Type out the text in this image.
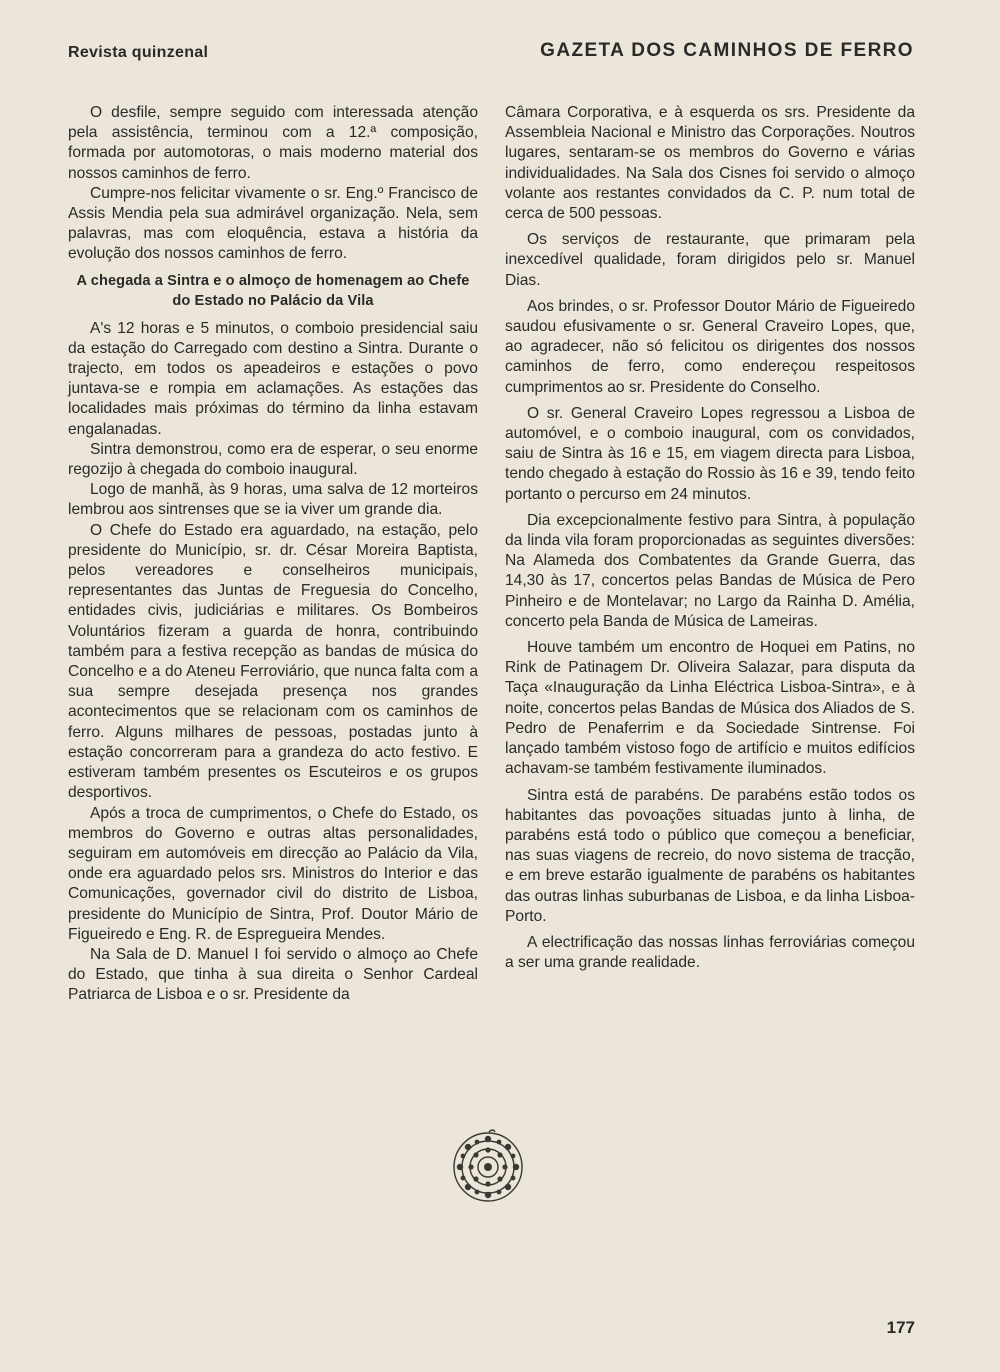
Revista quinzenal	GAZETA DOS CAMINHOS DE FERRO

O desfile, sempre seguido com interessada atenção pela assistência, terminou com a 12.ª composição, formada por automotoras, o mais moderno material dos nossos caminhos de ferro.

Cumpre-nos felicitar vivamente o sr. Eng.º Francisco de Assis Mendia pela sua admirável organização. Nela, sem palavras, mas com eloquência, estava a história da evolução dos nossos caminhos de ferro.

A chegada a Sintra e o almoço de homenagem ao Chefe do Estado no Palácio da Vila

A's 12 horas e 5 minutos, o comboio presidencial saiu da estação do Carregado com destino a Sintra. Durante o trajecto, em todos os apeadeiros e estações o povo juntava-se e rompia em aclamações. As estações das localidades mais próximas do término da linha estavam engalanadas.

Sintra demonstrou, como era de esperar, o seu enorme regozijo à chegada do comboio inaugural.

Logo de manhã, às 9 horas, uma salva de 12 morteiros lembrou aos sintrenses que se ia viver um grande dia.

O Chefe do Estado era aguardado, na estação, pelo presidente do Município, sr. dr. César Moreira Baptista, pelos vereadores e conselheiros municipais, representantes das Juntas de Freguesia do Concelho, entidades civis, judiciárias e militares. Os Bombeiros Voluntários fizeram a guarda de honra, contribuindo também para a festiva recepção as bandas de música do Concelho e a do Ateneu Ferroviário, que nunca falta com a sua sempre desejada presença nos grandes acontecimentos que se relacionam com os caminhos de ferro. Alguns milhares de pessoas, postadas junto à estação concorreram para a grandeza do acto festivo. E estiveram também presentes os Escuteiros e os grupos desportivos.

Após a troca de cumprimentos, o Chefe do Estado, os membros do Governo e outras altas personalidades, seguiram em automóveis em direcção ao Palácio da Vila, onde era aguardado pelos srs. Ministros do Interior e das Comunicações, governador civil do distrito de Lisboa, presidente do Município de Sintra, Prof. Doutor Mário de Figueiredo e Eng. R. de Espregueira Mendes.

Na Sala de D. Manuel I foi servido o almoço ao Chefe do Estado, que tinha à sua direita o Senhor Cardeal Patriarca de Lisboa e o sr. Presidente da

Câmara Corporativa, e à esquerda os srs. Presidente da Assembleia Nacional e Ministro das Corporações. Noutros lugares, sentaram-se os membros do Governo e várias individualidades. Na Sala dos Cisnes foi servido o almoço volante aos restantes convidados da C. P. num total de cerca de 500 pessoas.

Os serviços de restaurante, que primaram pela inexcedível qualidade, foram dirigidos pelo sr. Manuel Dias.

Aos brindes, o sr. Professor Doutor Mário de Figueiredo saudou efusivamente o sr. General Craveiro Lopes, que, ao agradecer, não só felicitou os dirigentes dos nossos caminhos de ferro, como endereçou respeitosos cumprimentos ao sr. Presidente do Conselho.

O sr. General Craveiro Lopes regressou a Lisboa de automóvel, e o comboio inaugural, com os convidados, saiu de Sintra às 16 e 15, em viagem directa para Lisboa, tendo chegado à estação do Rossio às 16 e 39, tendo feito portanto o percurso em 24 minutos.

Dia excepcionalmente festivo para Sintra, à população da linda vila foram proporcionadas as seguintes diversões: Na Alameda dos Combatentes da Grande Guerra, das 14,30 às 17, concertos pelas Bandas de Música de Pero Pinheiro e de Montelavar; no Largo da Rainha D. Amélia, concerto pela Banda de Música de Lameiras.

Houve também um encontro de Hoquei em Patins, no Rink de Patinagem Dr. Oliveira Salazar, para disputa da Taça «Inauguração da Linha Eléctrica Lisboa-Sintra», e à noite, concertos pelas Bandas de Música dos Aliados de S. Pedro de Penaferrim e da Sociedade Sintrense. Foi lançado também vistoso fogo de artifício e muitos edifícios achavam-se também festivamente iluminados.

Sintra está de parabéns. De parabéns estão todos os habitantes das povoações situadas junto à linha, de parabéns está todo o público que começou a beneficiar, nas suas viagens de recreio, do novo sistema de tracção, e em breve estarão igualmente de parabéns os habitantes das outras linhas suburbanas de Lisboa, e da linha Lisboa-Porto.

A electrificação das nossas linhas ferroviárias começou a ser uma grande realidade.

177
